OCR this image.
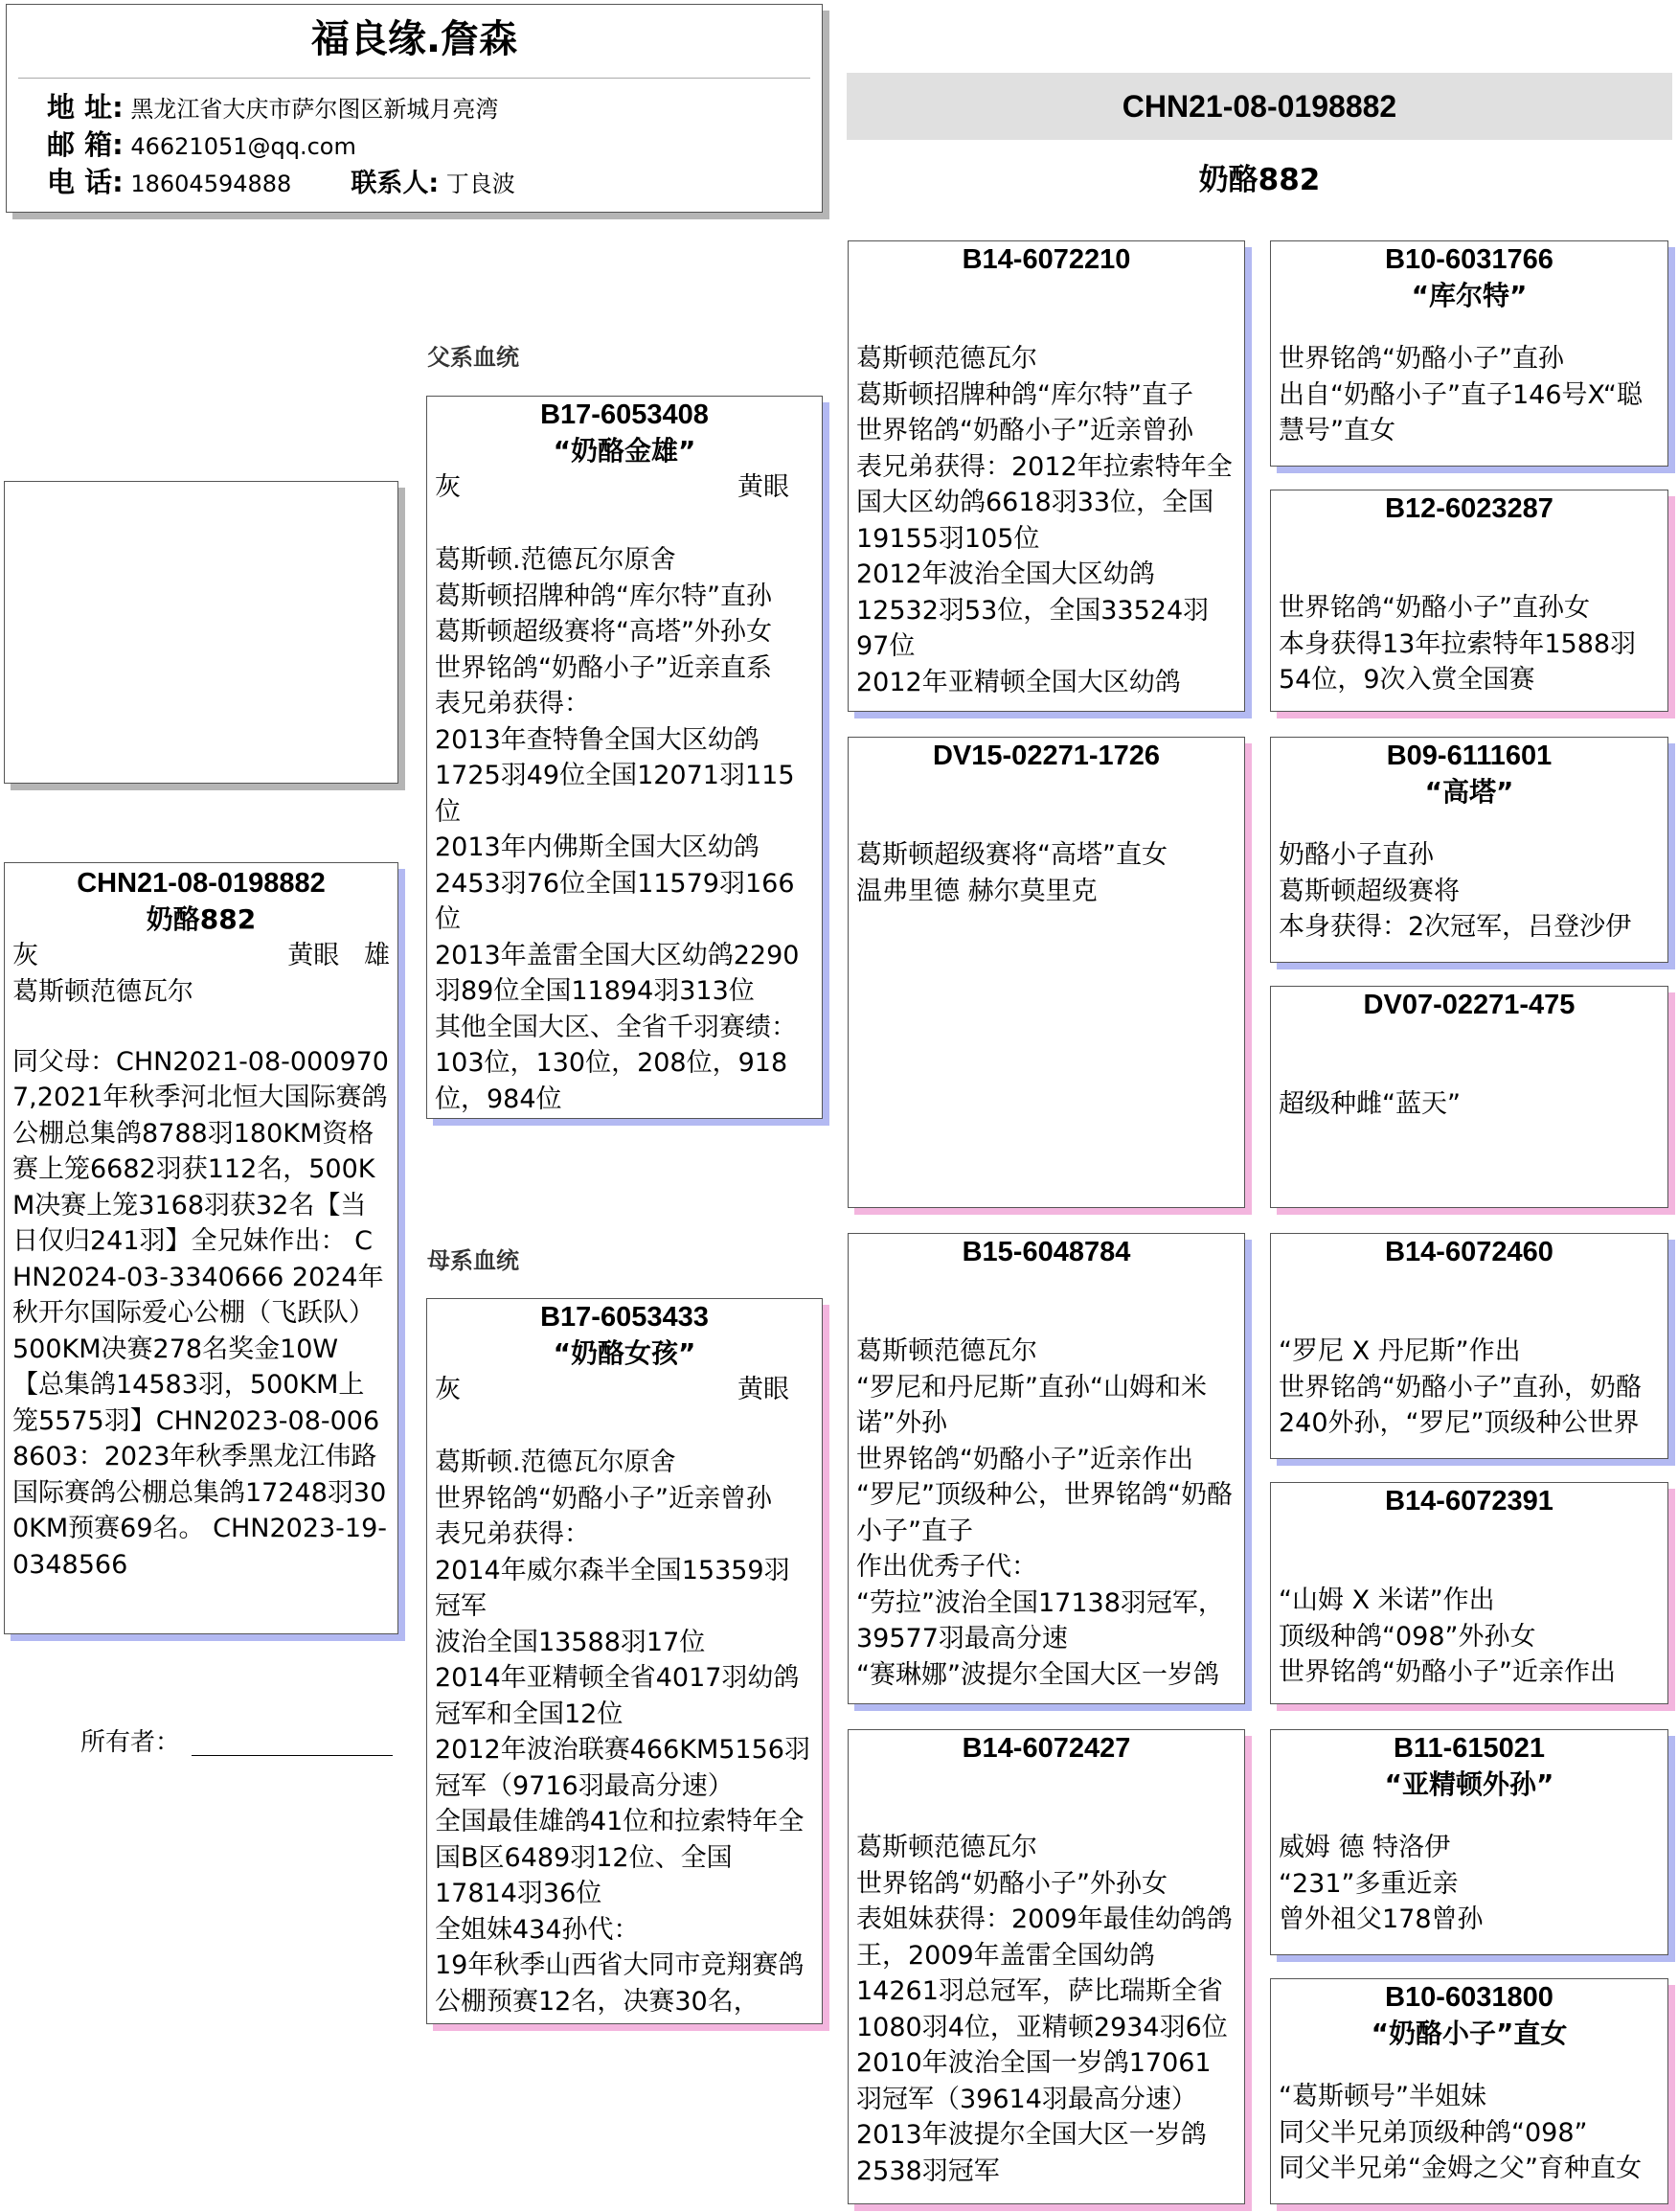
福良缘.詹森
地 址: 黑龙江省大庆市萨尔图区新城月亮湾
邮 箱: 46621051@qq.com
电 话: 18604594888 联系人: 丁良波
CHN21-08-0198882
奶酪882
CHN21-08-0198882
奶酪882
灰	黄眼   雄
葛斯顿范德瓦尔
同父母：CHN2021-08-0009707,2021年秋季河北恒大国际赛鸽公棚总集鸽8788羽180KM资格赛上笼6682羽获112名，500KM决赛上笼3168羽获32名【当日仅归241羽】全兄妹作出： CHN2024-03-3340666 2024年秋开尔国际爱心公棚（飞跃队）500KM决赛278名奖金10W【总集鸽14583羽，500KM上笼5575羽】CHN2023-08-0068603：2023年秋季黑龙江伟路国际赛鸽公棚总集鸽17248羽300KM预赛69名。 CHN2023-19-0348566
所有者：
父系血统
母系血统
B17-6053408
“奶酪金雄”
灰	黄眼
葛斯顿.范德瓦尔原舍
葛斯顿招牌种鸽“库尔特”直孙
葛斯顿超级赛将“高塔”外孙女
世界铭鸽“奶酪小子”近亲直系
表兄弟获得：
2013年查特鲁全国大区幼鸽1725羽49位全国12071羽115位
2013年内佛斯全国大区幼鸽2453羽76位全国11579羽166位
2013年盖雷全国大区幼鸽2290羽89位全国11894羽313位
其他全国大区、全省千羽赛绩：103位，130位，208位，918位，984位
B17-6053433
“奶酪女孩”
灰	黄眼
葛斯顿.范德瓦尔原舍
世界铭鸽“奶酪小子”近亲曾孙
表兄弟获得：
2014年威尔森半全国15359羽冠军
波治全国13588羽17位
2014年亚精顿全省4017羽幼鸽冠军和全国12位
2012年波治联赛466KM5156羽冠军（9716羽最高分速）
全国最佳雄鸽41位和拉索特年全国B区6489羽12位、全国17814羽36位
全姐妹434孙代：
19年秋季山西省大同市竞翔赛鸽公棚预赛12名，决赛30名，
B14-6072210
葛斯顿范德瓦尔
葛斯顿招牌种鸽“库尔特”直子
世界铭鸽“奶酪小子”近亲曾孙
表兄弟获得：2012年拉索特年全国大区幼鸽6618羽33位，全国19155羽105位
2012年波治全国大区幼鸽12532羽53位，全国33524羽97位
2012年亚精顿全国大区幼鸽
DV15-02271-1726
葛斯顿超级赛将“高塔”直女
温弗里德 赫尔莫里克
B15-6048784
葛斯顿范德瓦尔
“罗尼和丹尼斯”直孙“山姆和米诺”外孙
世界铭鸽“奶酪小子”近亲作出
“罗尼”顶级种公，世界铭鸽“奶酪小子”直子
作出优秀子代：
“劳拉”波治全国17138羽冠军，39577羽最高分速
“赛琳娜”波提尔全国大区一岁鸽
B14-6072427
葛斯顿范德瓦尔
世界铭鸽“奶酪小子”外孙女
表姐妹获得：2009年最佳幼鸽鸽王，2009年盖雷全国幼鸽14261羽总冠军，萨比瑞斯全省1080羽4位，亚精顿2934羽6位
2010年波治全国一岁鸽17061羽冠军（39614羽最高分速）
2013年波提尔全国大区一岁鸽2538羽冠军
B10-6031766
“库尔特”
世界铭鸽“奶酪小子”直孙
出自“奶酪小子”直子146号X“聪慧号”直女
B12-6023287
世界铭鸽“奶酪小子”直孙女
本身获得13年拉索特年1588羽54位，9次入赏全国赛
B09-6111601
“高塔”
奶酪小子直孙
葛斯顿超级赛将
本身获得：2次冠军，吕登沙伊
DV07-02271-475
超级种雌“蓝天”
B14-6072460
“罗尼 X 丹尼斯”作出
世界铭鸽“奶酪小子”直孙，奶酪240外孙，“罗尼”顶级种公世界
B14-6072391
“山姆 X 米诺”作出
顶级种鸽“098”外孙女
世界铭鸽“奶酪小子”近亲作出
B11-615021
“亚精顿外孙”
威姆 德 特洛伊
“231”多重近亲
曾外祖父178曾孙
B10-6031800
“奶酪小子”直女
“葛斯顿号”半姐妹
同父半兄弟顶级种鸽“098”
同父半兄弟“金姆之父”育种直女
